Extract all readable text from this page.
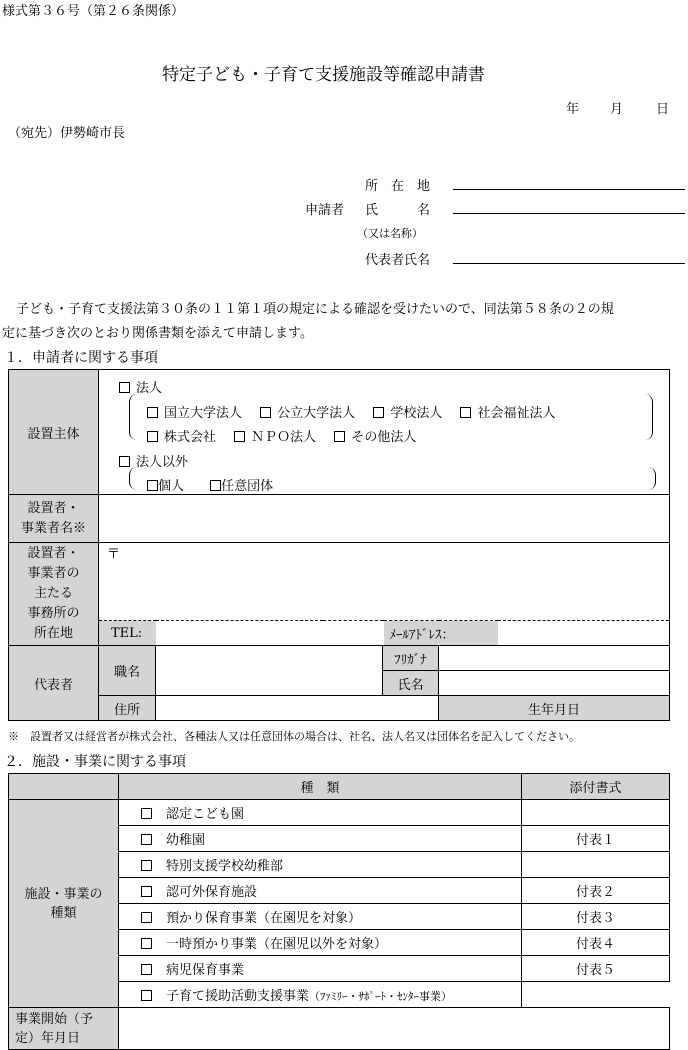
様式第３６号（第２６条関係）
特定子ども・子育て支援施設等確認申請書
年 月	日
（宛先）伊勢崎市長
所　在　地
申請者 氏　　　名
（又は名称）
代表者氏名
子ども・子育て支援法第３０条の１１第１項の規定による確認を受けたいので、同法第５８条の２の規
定に基づき次のとおり関係書類を添えて申請します。
１．申請者に関する事項
設置主体	法人
国立大学法人 公立大学法人 学校法人 社会福祉法人
株式会社 ＮＰＯ法人 その他法人
法人以外
個人 任意団体					

設置者・
事業者名※						

設置者・
事業者の
主たる
事務所の
所在地	〒					
	TEL:		ﾒｰﾙｱﾄﾞﾚｽ：			
代表者	職名		ﾌﾘｶﾞﾅ			
			氏名			
	住所			生年月日		
※　設置者又は経営者が株式会社、各種法人又は任意団体の場合は、社名、法人名又は団体名を記入してください。
２．施設・事業に関する事項
	種　類	添付書式

施設・事業の
種類	認定こども園	
	幼稚園	付表１
	特別支援学校幼稚部	
	認可外保育施設	付表２
	預かり保育事業（在園児を対象）	付表３
	一時預かり事業（在園児以外を対象）	付表４
	病児保育事業	付表５
	子育て援助活動支援事業（ﾌｧﾐﾘｰ・ｻﾎﾟｰﾄ・ｾﾝﾀｰ事業）	

事業開始（予
定）年月日		
